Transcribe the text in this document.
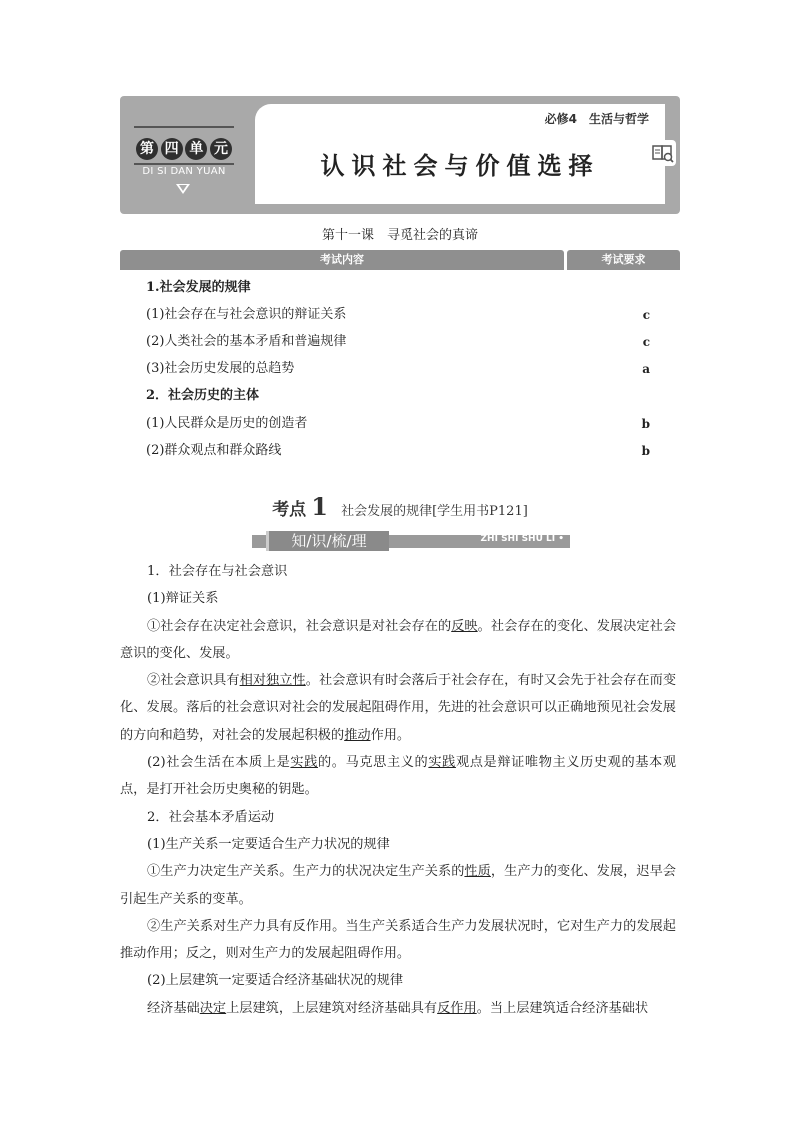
第 四 单 元
DI SI DAN YUAN
必修4　生活与哲学
认识社会与价值选择
第十一课　寻觅社会的真谛
考试内容	考试要求
1.社会发展的规律
(1)社会存在与社会意识的辩证关系	c
(2)人类社会的基本矛盾和普遍规律	c
(3)社会历史发展的总趋势	a
2．社会历史的主体
(1)人民群众是历史的创造者	b
(2)群众观点和群众路线	b
考点 1 社会发展的规律[学生用书P121]
知/识/梳/理	ZHI SHI SHU LI •

1．社会存在与社会意识

(1)辩证关系

①社会存在决定社会意识，社会意识是对社会存在的反映。社会存在的变化、发展决定社会意识的变化、发展。

②社会意识具有相对独立性。社会意识有时会落后于社会存在，有时又会先于社会存在而变化、发展。落后的社会意识对社会的发展起阻碍作用，先进的社会意识可以正确地预见社会发展的方向和趋势，对社会的发展起积极的推动作用。

(2)社会生活在本质上是实践的。马克思主义的实践观点是辩证唯物主义历史观的基本观点，是打开社会历史奥秘的钥匙。

2．社会基本矛盾运动

(1)生产关系一定要适合生产力状况的规律

①生产力决定生产关系。生产力的状况决定生产关系的性质，生产力的变化、发展，迟早会引起生产关系的变革。

②生产关系对生产力具有反作用。当生产关系适合生产力发展状况时，它对生产力的发展起推动作用；反之，则对生产力的发展起阻碍作用。

(2)上层建筑一定要适合经济基础状况的规律

经济基础决定上层建筑，上层建筑对经济基础具有反作用。当上层建筑适合经济基础状
